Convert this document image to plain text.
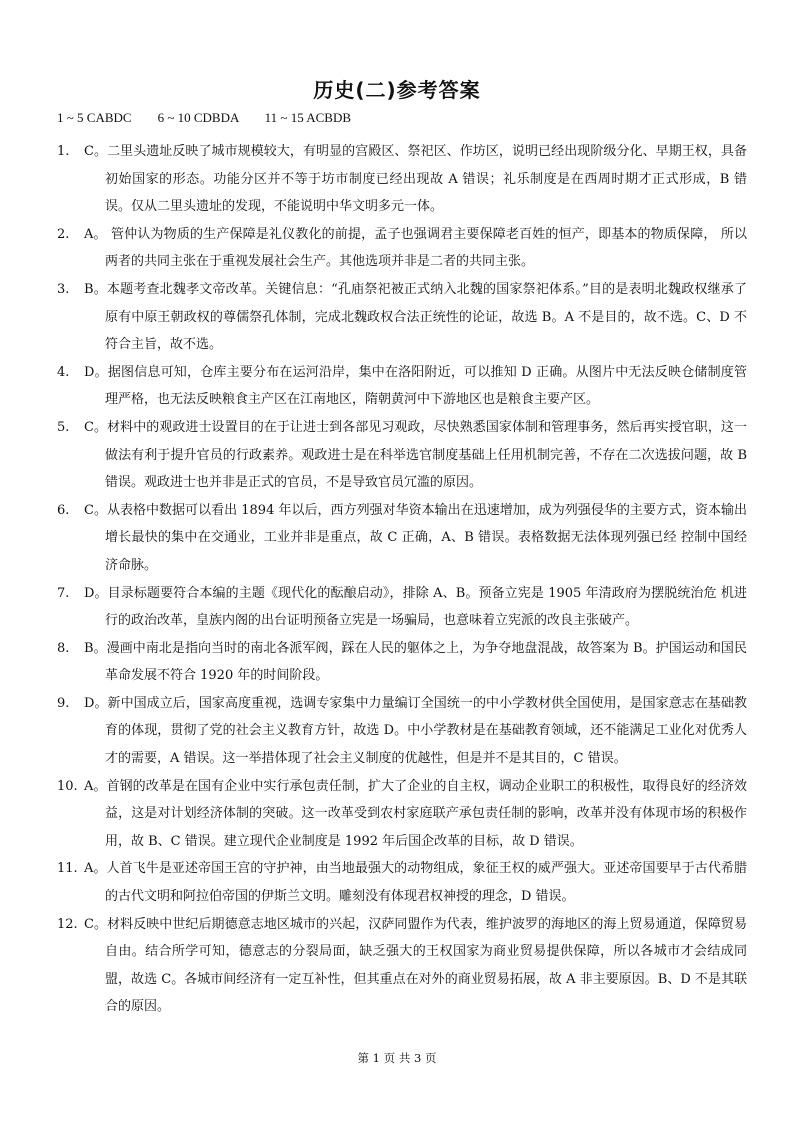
历史(二)参考答案
1 ~ 5 CABDC        6 ~ 10 CDBDA        11 ~ 15 ACBDB

1. C。二里头遗址反映了城市规模较大，有明显的宫殿区、祭祀区、作坊区，说明已经出现阶级分化、早期王权，具备初始国家的形态。功能分区并不等于坊市制度已经出现故 A 错误；礼乐制度是在西周时期才正式形成，B 错误。仅从二里头遗址的发现，不能说明中华文明多元一体。

2. A。 管仲认为物质的生产保障是礼仪教化的前提，孟子也强调君主要保障老百姓的恒产，即基本的物质保障， 所以两者的共同主张在于重视发展社会生产。其他选项并非是二者的共同主张。

3. B。本题考查北魏孝文帝改革。关键信息：“孔庙祭祀被正式纳入北魏的国家祭祀体系。”目的是表明北魏政权继承了原有中原王朝政权的尊儒祭孔体制，完成北魏政权合法正统性的论证，故选 B。A 不是目的，故不选。C、D 不符合主旨，故不选。

4. D。据图信息可知，仓库主要分布在运河沿岸，集中在洛阳附近，可以推知 D 正确。从图片中无法反映仓储制度管理严格，也无法反映粮食主产区在江南地区，隋朝黄河中下游地区也是粮食主要产区。

5. C。材料中的观政进士设置目的在于让进士到各部见习观政，尽快熟悉国家体制和管理事务，然后再实授官职，这一做法有利于提升官员的行政素养。观政进士是在科举选官制度基础上任用机制完善，不存在二次选拔问题，故 B 错误。观政进士也并非是正式的官员，不是导致官员冗滥的原因。

6. C。从表格中数据可以看出 1894 年以后，西方列强对华资本输出在迅速增加，成为列强侵华的主要方式，资本输出增长最快的集中在交通业，工业并非是重点，故 C 正确，A、B 错误。表格数据无法体现列强已经 控制中国经济命脉。

7. D。目录标题要符合本编的主题《现代化的酝酿启动》，排除 A、B。预备立宪是 1905 年清政府为摆脱统治危 机进行的政治改革，皇族内阁的出台证明预备立宪是一场骗局，也意味着立宪派的改良主张破产。

8. B。漫画中南北是指向当时的南北各派军阀，踩在人民的躯体之上，为争夺地盘混战，故答案为 B。护国运动和国民革命发展不符合 1920 年的时间阶段。

9. D。新中国成立后，国家高度重视，选调专家集中力量编订全国统一的中小学教材供全国使用，是国家意志在基础教育的体现，贯彻了党的社会主义教育方针，故选 D。中小学教材是在基础教育领域，还不能满足工业化对优秀人才的需要，A 错误。这一举措体现了社会主义制度的优越性，但是并不是其目的，C 错误。

10. A。首钢的改革是在国有企业中实行承包责任制，扩大了企业的自主权，调动企业职工的积极性，取得良好的经济效益，这是对计划经济体制的突破。这一改革受到农村家庭联产承包责任制的影响，改革并没有体现市场的积极作用，故 B、C 错误。建立现代企业制度是 1992 年后国企改革的目标，故 D 错误。

11. A。人首飞牛是亚述帝国王宫的守护神，由当地最强大的动物组成，象征王权的威严强大。亚述帝国要早于古代希腊的古代文明和阿拉伯帝国的伊斯兰文明。雕刻没有体现君权神授的理念，D 错误。

12. C。材料反映中世纪后期德意志地区城市的兴起，汉萨同盟作为代表，维护波罗的海地区的海上贸易通道，保障贸易自由。结合所学可知，德意志的分裂局面，缺乏强大的王权国家为商业贸易提供保障，所以各城市才会结成同盟，故选 C。各城市间经济有一定互补性，但其重点在对外的商业贸易拓展，故 A 非主要原因。B、D 不是其联合的原因。

第 1 页 共 3 页
